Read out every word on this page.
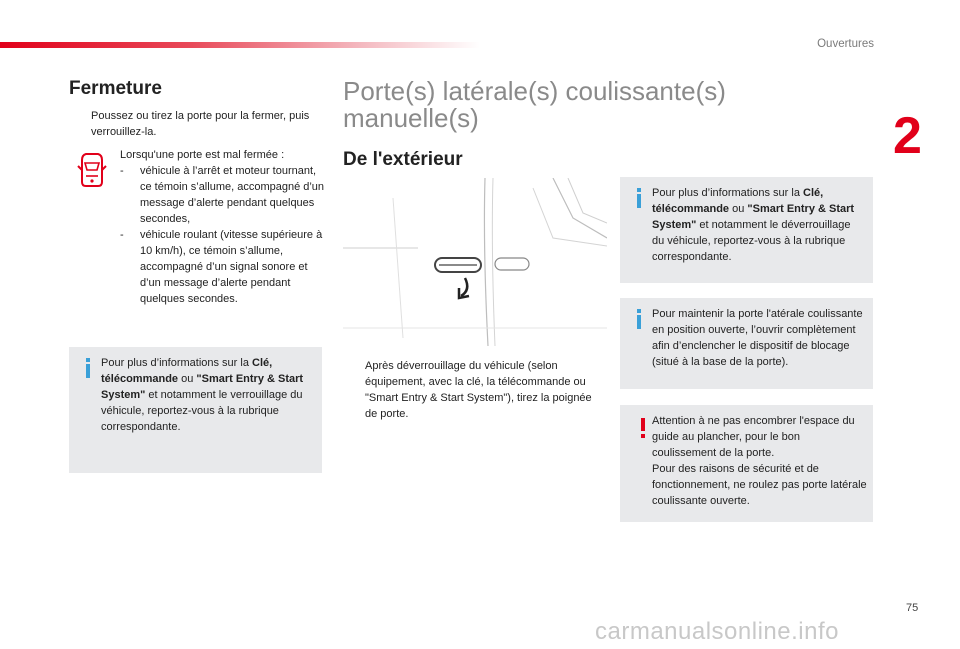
Ouvertures
2
Fermeture
Poussez ou tirez la porte pour la fermer, puis verrouillez-la.
Lorsqu'une porte est mal fermée :
-	véhicule à l’arrêt et moteur tournant, ce témoin s’allume, accompagné d’un message d’alerte pendant quelques secondes,
-	véhicule roulant (vitesse supérieure à 10 km/h), ce témoin s’allume, accompagné d’un signal sonore et d’un message d’alerte pendant quelques secondes.
Pour plus d’informations sur la Clé, télécommande ou "Smart Entry & Start System" et notamment le verrouillage du véhicule, reportez-vous à la rubrique correspondante.
Porte(s) latérale(s) coulissante(s) manuelle(s)
De l'extérieur
Après déverrouillage du véhicule (selon équipement, avec la clé, la télécommande ou "Smart Entry & Start System"), tirez la poignée de porte.
Pour plus d’informations sur la Clé, télécommande ou "Smart Entry & Start System" et notamment le déverrouillage du véhicule, reportez-vous à la rubrique correspondante.
Pour maintenir la porte l'atérale coulissante en position ouverte, l’ouvrir complètement afin d’enclencher le dispositif de blocage (situé à la base de la porte).
Attention à ne pas encombrer l'espace du guide au plancher, pour le bon coulissement de la porte.
Pour des raisons de sécurité et de fonctionnement, ne roulez pas porte latérale coulissante ouverte.
75
carmanualsonline.info
